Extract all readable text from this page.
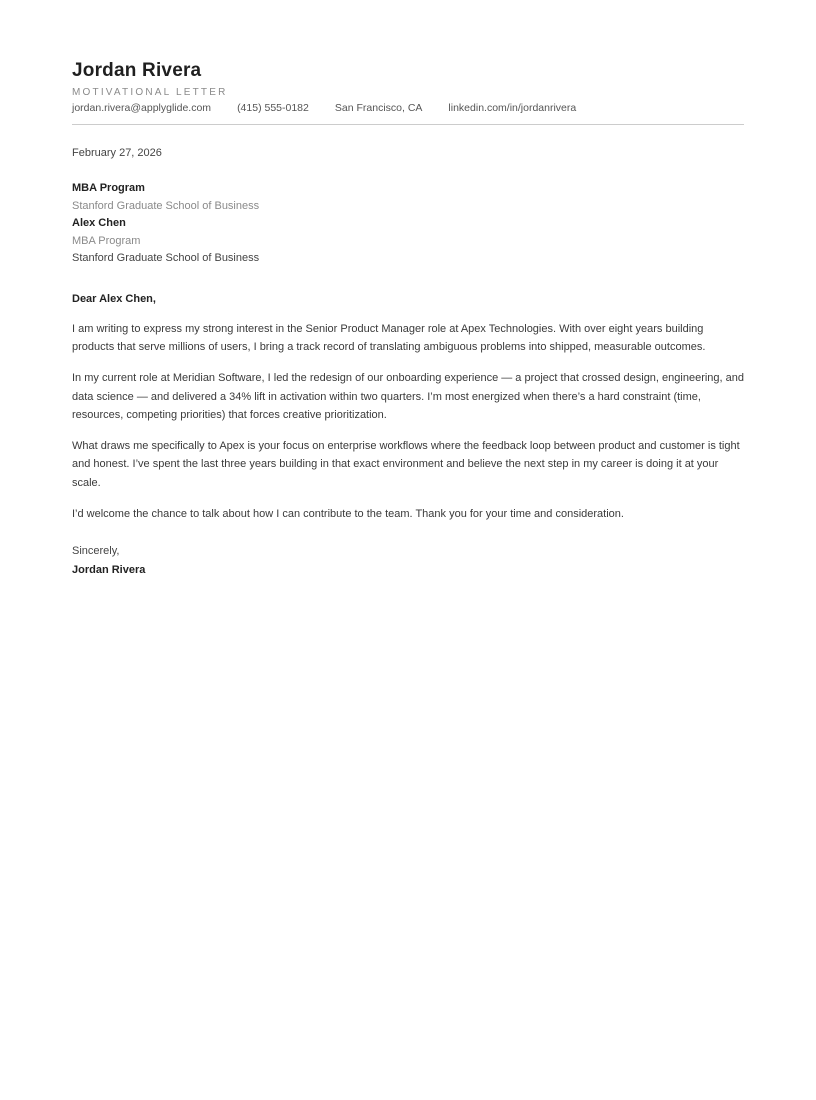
Jordan Rivera
MOTIVATIONAL LETTER
jordan.rivera@applyglide.com (415) 555-0182 San Francisco, CA linkedin.com/in/jordanrivera
February 27, 2026
MBA Program
Stanford Graduate School of Business
Alex Chen
MBA Program
Stanford Graduate School of Business

Dear Alex Chen,

I am writing to express my strong interest in the Senior Product Manager role at Apex Technologies. With over eight years building products that serve millions of users, I bring a track record of translating ambiguous problems into shipped, measurable outcomes.

In my current role at Meridian Software, I led the redesign of our onboarding experience — a project that crossed design, engineering, and data science — and delivered a 34% lift in activation within two quarters. I’m most energized when there’s a hard constraint (time, resources, competing priorities) that forces creative prioritization.

What draws me specifically to Apex is your focus on enterprise workflows where the feedback loop between product and customer is tight and honest. I’ve spent the last three years building in that exact environment and believe the next step in my career is doing it at your scale.

I’d welcome the chance to talk about how I can contribute to the team. Thank you for your time and consideration.

Sincerely,
Jordan Rivera
